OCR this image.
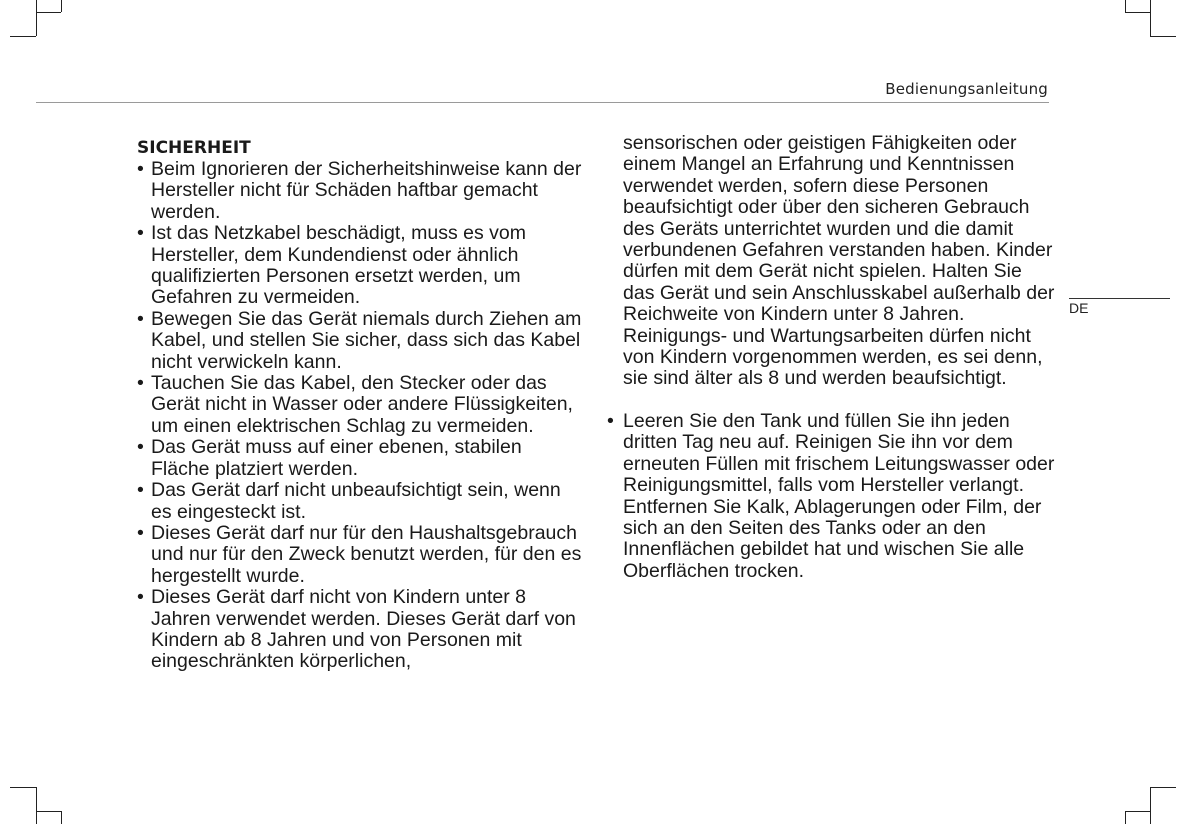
Bedienungsanleitung
DE
SICHERHEIT
• Beim Ignorieren der Sicherheitshinweise kann der Hersteller nicht für Schäden haftbar gemacht werden.
• Ist das Netzkabel beschädigt, muss es vom Hersteller, dem Kundendienst oder ähnlich qualifizierten Personen ersetzt werden, um Gefahren zu vermeiden.
• Bewegen Sie das Gerät niemals durch Ziehen am Kabel, und stellen Sie sicher, dass sich das Kabel nicht verwickeln kann.
• Tauchen Sie das Kabel, den Stecker oder das Gerät nicht in Wasser oder andere Flüssigkeiten, um einen elektrischen Schlag zu vermeiden.
• Das Gerät muss auf einer ebenen, stabilen Fläche platziert werden.
• Das Gerät darf nicht unbeaufsichtigt sein, wenn es eingesteckt ist.
• Dieses Gerät darf nur für den Haushaltsgebrauch und nur für den Zweck benutzt werden, für den es hergestellt wurde.
• Dieses Gerät darf nicht von Kindern unter 8 Jahren verwendet werden. Dieses Gerät darf von Kindern ab 8 Jahren und von Personen mit eingeschränkten körperlichen,

sensorischen oder geistigen Fähigkeiten oder einem Mangel an Erfahrung und Kenntnissen verwendet werden, sofern diese Personen beaufsichtigt oder über den sicheren Gebrauch des Geräts unterrichtet wurden und die damit verbundenen Gefahren verstanden haben. Kinder dürfen mit dem Gerät nicht spielen. Halten Sie das Gerät und sein Anschlusskabel außerhalb der Reichweite von Kindern unter 8 Jahren. Reinigungs- und Wartungsarbeiten dürfen nicht von Kindern vorgenommen werden, es sei denn, sie sind älter als 8 und werden beaufsichtigt.

• Leeren Sie den Tank und füllen Sie ihn jeden dritten Tag neu auf. Reinigen Sie ihn vor dem erneuten Füllen mit frischem Leitungswasser oder Reinigungsmittel, falls vom Hersteller verlangt. Entfernen Sie Kalk, Ablagerungen oder Film, der sich an den Seiten des Tanks oder an den Innenflächen gebildet hat und wischen Sie alle Oberflächen trocken.
